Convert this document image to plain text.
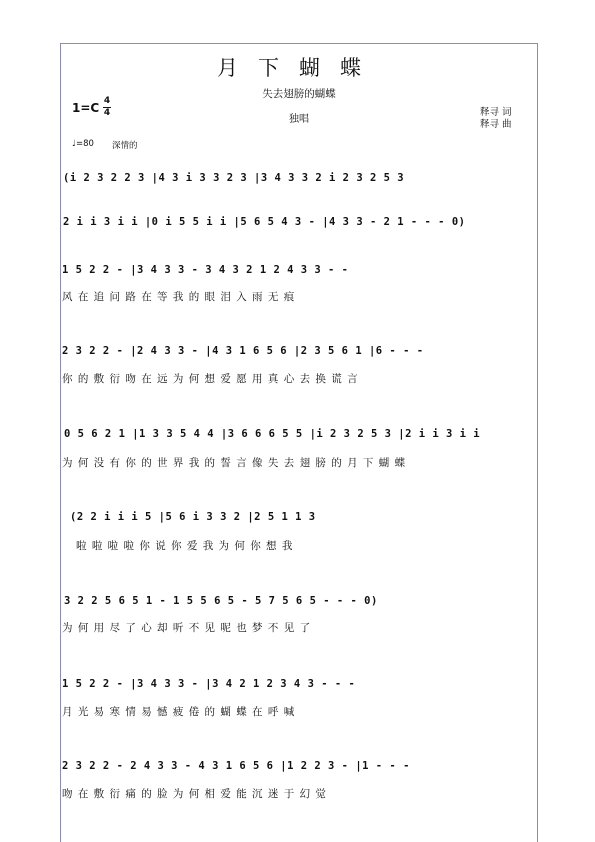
月下蝴蝶
失去翅膀的蝴蝶
独唱
1=C 4
4	释寻 词
释寻 曲
♩=80 深情的
(i 2 3 2 2 3 |4 3 i 3 3 2 3 |3 4 3 3 2 i 2 3 2 5 3
2 i i 3 i i |0 i 5 5 i i |5 6 5 4 3 - |4 3 3 - 2 1 - - - 0)
1 5 2 2 - |3 4 3 3 - 3 4 3 2 1 2 4 3 3 - -
风 在 追 问 路 在 等 我 的 眼 泪 入 雨 无 痕
2 3 2 2 - |2 4 3 3 - |4 3 1 6 5 6 |2 3 5 6 1 |6 - - -
你 的 敷 衍 吻 在 远 为 何 想 爱 愿 用 真 心 去 换 谎 言
0 5 6 2 1 |1 3 3 5 4 4 |3 6 6 6 5 5 |i 2 3 2 5 3 |2 i i 3 i i
为 何 没 有 你 的 世 界 我 的 誓 言 像 失 去 翅 膀 的 月 下 蝴 蝶
(2 2 i i i 5 |5 6 i 3 3 2 |2 5 1 1 3
啦 啦 啦 啦 你 说 你 爱 我 为 何 你 想 我
3 2 2 5 6 5 1 - 1 5 5 6 5 - 5 7 5 6 5 - - - 0)
为 何 用 尽 了 心 却 听 不 见 呢 也 梦 不 见 了
1 5 2 2 - |3 4 3 3 - |3 4 2 1 2 3 4 3 - - -
月 光 易 寒 情 易 憾 疲 倦 的 蝴 蝶 在 呼 喊
2 3 2 2 - 2 4 3 3 - 4 3 1 6 5 6 |1 2 2 3 - |1 - - -
吻 在 敷 衍 痛 的 脸 为 何 相 爱 能 沉 迷 于 幻 觉
